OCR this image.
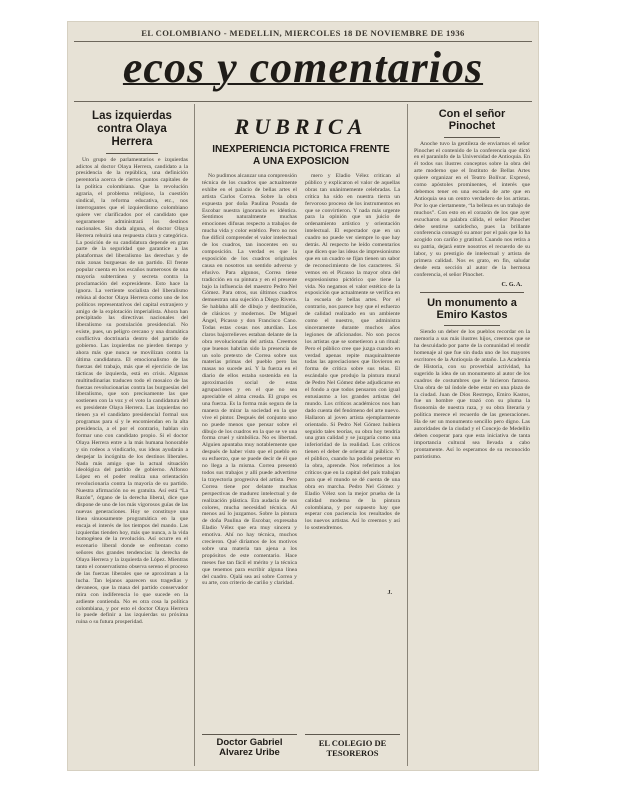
EL COLOMBIANO - MEDELLIN, MIERCOLES 18 DE NOVIEMBRE DE 1936
ecos y comentarios
Las izquierdas contra Olaya Herrera

Un grupo de parlamentarios e izquierdas adictos al doctor Olaya Herrera, candidato a la presidencia de la república, una definición perentoria acerca de ciertos puntos capitales de la política colombiana. Que la revolución agraria, el problema religioso, la cuestión sindical, la reforma educativa, etc., nos interrogantes que el izquierdismo colombiano quiere ver clarificados por el candidato que seguramente administrará los destinos nacionales. Sin duda alguna, el doctor Olaya Herrera rehuirá una respuesta clara y categórica. La posición de su candidatura depende en gran parte de la seguridad que garantice a las plataformas del liberalismo las derechas y de más zonas burguesas de un partido. El frente popular cuenta en los escaños numerosos de una mayoría subterránea y secreta contra la proclamación del expresidente. Esto hace la ignora. La vertiente socialista del liberalismo rehúsa al doctor Olaya Herrera como uno de los políticos representativos del capital extranjero y amigo de la explotación imperialista. Ahora han precipitado las directivas nacionales del liberalismo su postulación presidencial. No existe, pues, un peligro cercano y una dramática conflictiva doctrinaria dentro del partido de gobierno. Las izquierdas no pierden tiempo y ahora más que nunca se movilizan contra la última candidatura. El emocionalismo de las fuerzas del trabajo, más que el ejercicio de las tácticas de izquierda, está en crisis. Algunas multitudinarias traducen todo el mosaico de las fuerzas revolucionarias contra las burguesías del liberalismo, que son precisamente las que sostienen con la voz y el voto la candidatura del ex presidente Olaya Herrera. Las izquierdas no tienen ya el candidato presidencial formal sus programas para sí y le encomiendan en la alta presidencia, a el por el contrario, hablan sin formar uno con candidato propio. Si el doctor Olaya Herrera entre a la más humana honorable y sin rodeos a vindicarlo, sus ideas ayudarán a despejar la incógnita de los destinos liberales. Nada más amigo que la actual situación ideológica del partido de gobierno. Alfonso López en el poder realiza una orientación revolucionaria contra la mayoría de su partido. Nuestra afirmación no es gratuita. Así está “La Razón”, órgano de la derecha liberal, dice que dispone de uno de los más vigorosos guías de las nuevas generaciones. Hoy se constituye una línea sinuosamente programática en la que encaja el interés de los tiempos del mando. Las izquierdas tienden hoy, más que nunca, a la vida homogénea de la revolución. Así ocurre en el escenario liberal donde se enfrentan como señores dos grandes tendencias: la derecha de Olaya Herrera y la izquierda de López. Mientras tanto el conservatismo observa sereno el proceso de las fuerzas liberales que se aproximan a la lucha. Tan lejanos aparecen sus tragedias y devaneos, que la masa del partido conservador mira con indiferencia lo que sucede en la ardiente contienda. No es otra cosa la política colombiana, y por esto el doctor Olaya Herrera lo puede definir a las izquierdas su próxima ruina o su futura prosperidad.

RUBRICA
INEXPERIENCIA PICTORICA FRENTE A UNA EXPOSICION

No pudimos alcanzar una comprensión técnica de los cuadros que actualmente exhibe en el palacio de bellas artes el artista Carlos Correa. Sobre la obra expuesta por doña Paulina Posada de Escobar nuestra ignorancia es idéntica. Sentimos naturalmente muchas emociones difusas respecto a trabajos de mucha vida y color estético. Pero no nos fue difícil comprender el valor intelectual de los cuadros, tan inocentes en su composición. La verdad es que la exposición de los cuadros originales causa en nosotros un sentido adverso y efusivo. Para algunos, Correa tiene tradicción en su pintura y en el presente bajo la influencia del maestro Pedro Nel Gómez. Para otros, sus últimos cuadros demuestran una sujeción a Diego Rivera. Se hablaba allí de dibujo y destitución, de clásicos y modernos. De Miguel Ángel, Picasso y don Francisco Cano. Todas estas cosas nos aturdían. Los claros bajorrelieves estaban delante de la obra revolucionaria del artista. Creemos que buenos habrían sido la presencia de un solo pretexto de Correa sobre sus materias primas del pueblo pero las masas no sucede así. Y la fuerza en el diario de ellos estaba sostenida en la aproximación social de estas agrupaciones y en el que no sea apreciable el alma creada. El grupo es una fuerza. Es la forma más segura de la manera de mirar la sociedad en la que vive el pintor. Después del conjunto uno no puede menos que pensar sobre el dibujo de los cuadros en la que se ve una forma cruel y simbólica. No es libertad. Alguien apuntaba muy notablemente que después de haber visto que el pueblo en su esfuerzo, que se puede decir de él que no llega a la misma. Correa presentó todos sus trabajos y allí puede advertirse la trayectoria progresiva del artista. Pero Correa tiene por delante muchas perspectivas de madurez intelectual y de realización plástica. Era audacia de sus colores, mucha necesidad técnica. Al menos así lo juzgamos. Sobre la pintura de doña Paulina de Escobar, expresaba Eladio Vélez que era muy sincera y emotiva. Ahí no hay técnica, muchos crecieron. Qué diríamos de los motivos sobre una materia tan ajena a los propósitos de este comentario. Hace meses fue tan fácil el mérito y la técnica que tenemos para escribir alguna línea del cuadro. Ojalá sea así sobre Correa y su arte, con criterio de cariño y claridad.

mero y Eladio Vélez critican al público y explicaron el valor de aquellas obras tan unánimemente celebradas. La crítica ha sido en nuestra tierra un fervoroso proceso de los instrumentos en que se convirtieron. Y nada más urgente para la opinión que un juicio de ordenamiento artístico y orientación intelectual. El espectador que en un cuadro no puede ver siempre lo que hay detrás. Al respecto he leído comentarios que dicen que las ideas de impresionismo que en un cuadro se fijan tienen un sabor de reconocimiento de los caracteres. Si vemos en el Picasso la mayor obra del expresionismo pictórico que tiene la vida. No negamos el valor estético de la exposición que actualmente se verifica en la escuela de bellas artes. Por el contrario, nos parece hoy que el esfuerzo de calidad realizado en un ambiente como el nuestro, que administra sinceramente durante muchos años legiones de aficionados. No son pocos los artistas que se sometieron a un ritual: Pero el público cree que juzga cuando en verdad apenas repite maquinalmente todas las apreciaciones que llovieron en forma de crítica sobre sus telas. El escándalo que produjo la pintura mural de Pedro Nel Gómez debe adjudicarse en el fondo a que todos pensaron con igual entusiasmo a los grandes artistas del mundo. Los críticos académicos nos han dado cuenta del fenómeno del arte nuevo. Hallaron al joven artista ejemplarmente orientado. Si Pedro Nel Gómez hubiera seguido tales teorías, su obra hoy tendría una gran calidad y se juzgaría como una inferioridad de la realidad. Los críticos tienen el deber de orientar al público. Y el público, cuando ha podido penetrar en la obra, aprende. Nos referimos a los críticos que en la capital del país trabajan para que el mundo se dé cuenta de una obra en marcha. Pedro Nel Gómez y Eladio Vélez son la mejor prueba de la calidad moderna de la pintura colombiana, y por supuesto hay que esperar con paciencia los resultados de los nuevos artistas. Así lo creemos y así lo sostendremos.

J.
Doctor Gabriel Alvarez Uribe
EL COLEGIO DE TESOREROS
Con el señor Pinochet

Anoche tuvo la gentileza de enviarnos el señor Pinochet el contenido de la conferencia que dictó en el paraninfo de la Universidad de Antioquia. En él todos sus ilustres conceptos sobre la obra del arte moderno que el Instituto de Bellas Artes quiere organizar en el Teatro Bolívar. Expresó, como apóstoles prominentes, el interés que debemos tener en una escuela de arte que en Antioquia sea un centro verdadero de los artistas. Por lo que ciertamente, “la belleza es un trabajo de muchos”. Con esto en el corazón de los que ayer escucharon su palabra cálida, el señor Pinochet debe sentirse satisfecho, pues la brillante conferencia consagró su amor por el país que lo ha acogido con cariño y gratitud. Cuando nos retira a su patria, dejará entre nosotros el recuerdo de su labor, y su prestigio de intelectual y artista de primera calidad. Nos es grato, en fin, saludar desde esta sección al autor de la hermosa conferencia, el señor Pinochet.

C. G. A.
Un monumento a Emiro Kastos

Siendo un deber de los pueblos recordar en la memoria a sus más ilustres hijos, creemos que se ha descuidado por parte de la comunidad el rendir homenaje al que fue sin duda uno de los mayores escritores de la Antioquia de antaño. La Academia de Historia, con su proverbial actividad, ha sugerido la idea de un monumento al autor de los cuadros de costumbres que le hicieron famoso. Una obra de tal índole debe estar en una plaza de la ciudad. Juan de Dios Restrepo, Emiro Kastos, fue un hombre que trazó con su pluma la fisonomía de nuestra raza, y su obra literaria y política merece el recuerdo de las generaciones. Ha de ser un monumento sencillo pero digno. Las autoridades de la ciudad y el Concejo de Medellín deben cooperar para que esta iniciativa de tanta importancia cultural sea llevada a cabo prontamente. Así lo esperamos de su reconocido patriotismo.
